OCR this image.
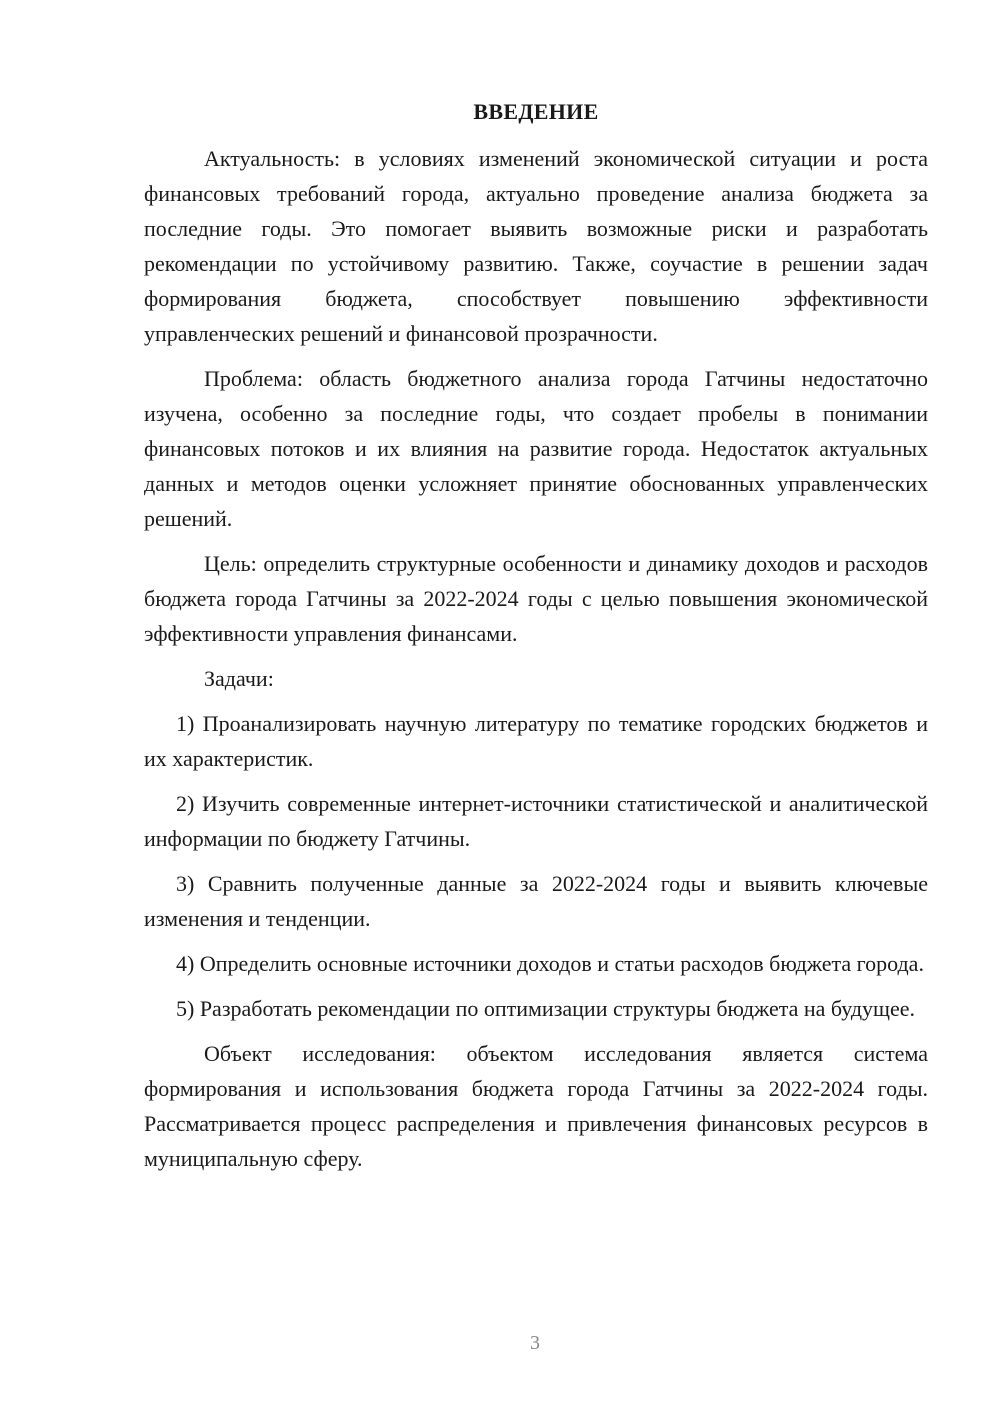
ВВЕДЕНИЕ

Актуальность: в условиях изменений экономической ситуации и роста финансовых требований города, актуально проведение анализа бюджета за последние годы. Это помогает выявить возможные риски и разработать рекомендации по устойчивому развитию. Также, соучастие в решении задач формирования бюджета, способствует повышению эффективности управленческих решений и финансовой прозрачности.

Проблема: область бюджетного анализа города Гатчины недостаточно изучена, особенно за последние годы, что создает пробелы в понимании финансовых потоков и их влияния на развитие города. Недостаток актуальных данных и методов оценки усложняет принятие обоснованных управленческих решений.

Цель: определить структурные особенности и динамику доходов и расходов бюджета города Гатчины за 2022-2024 годы с целью повышения экономической эффективности управления финансами.

Задачи:

1) Проанализировать научную литературу по тематике городских бюджетов и их характеристик.

2) Изучить современные интернет-источники статистической и аналитической информации по бюджету Гатчины.

3) Сравнить полученные данные за 2022-2024 годы и выявить ключевые изменения и тенденции.

4) Определить основные источники доходов и статьи расходов бюджета города.

5) Разработать рекомендации по оптимизации структуры бюджета на будущее.

Объект исследования: объектом исследования является система формирования и использования бюджета города Гатчины за 2022-2024 годы. Рассматривается процесс распределения и привлечения финансовых ресурсов в муниципальную сферу.

3
